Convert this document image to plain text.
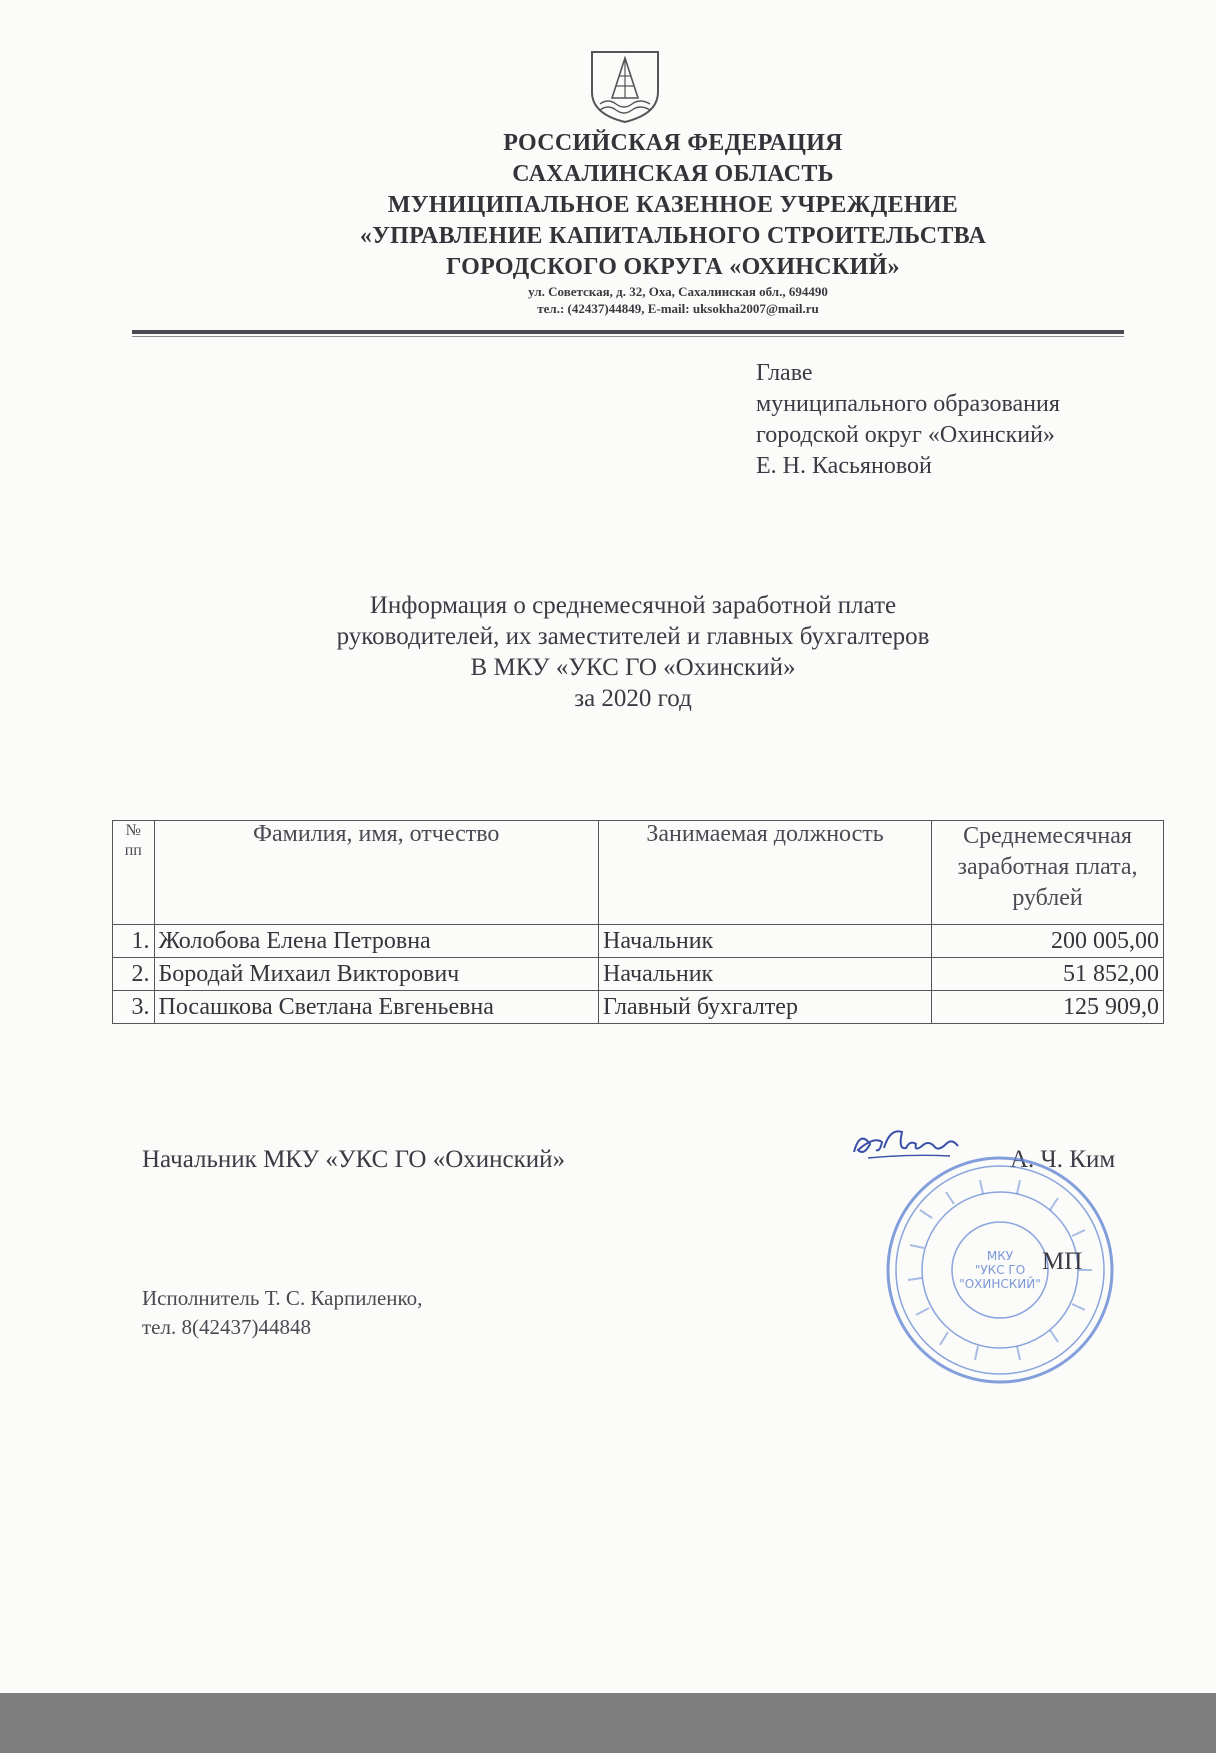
РОССИЙСКАЯ ФЕДЕРАЦИЯ
САХАЛИНСКАЯ ОБЛАСТЬ
МУНИЦИПАЛЬНОЕ КАЗЕННОЕ УЧРЕЖДЕНИЕ
«УПРАВЛЕНИЕ КАПИТАЛЬНОГО СТРОИТЕЛЬСТВА
ГОРОДСКОГО ОКРУГА «ОХИНСКИЙ»
ул. Советская, д. 32, Оха, Сахалинская обл., 694490
тел.: (42437)44849, E-mail: uksokha2007@mail.ru
Главе
муниципального образования
городской округ «Охинский»
Е. Н. Касьяновой
Информация о среднемесячной заработной плате
руководителей, их заместителей и главных бухгалтеров
В МКУ «УКС ГО «Охинский»
за 2020 год
№ пп	Фамилия, имя, отчество	Занимаемая должность	Среднемесячная заработная плата, рублей
1.	Жолобова Елена Петровна	Начальник	200 005,00
2.	Бородай Михаил Викторович	Начальник	51 852,00
3.	Посашкова Светлана Евгеньевна	Главный бухгалтер	125 909,0
Начальник МКУ «УКС ГО «Охинский»	А. Ч. Ким
МКУ
"УКС ГО
"ОХИНСКИЙ"
МП
Исполнитель Т. С. Карпиленко,
тел. 8(42437)44848
